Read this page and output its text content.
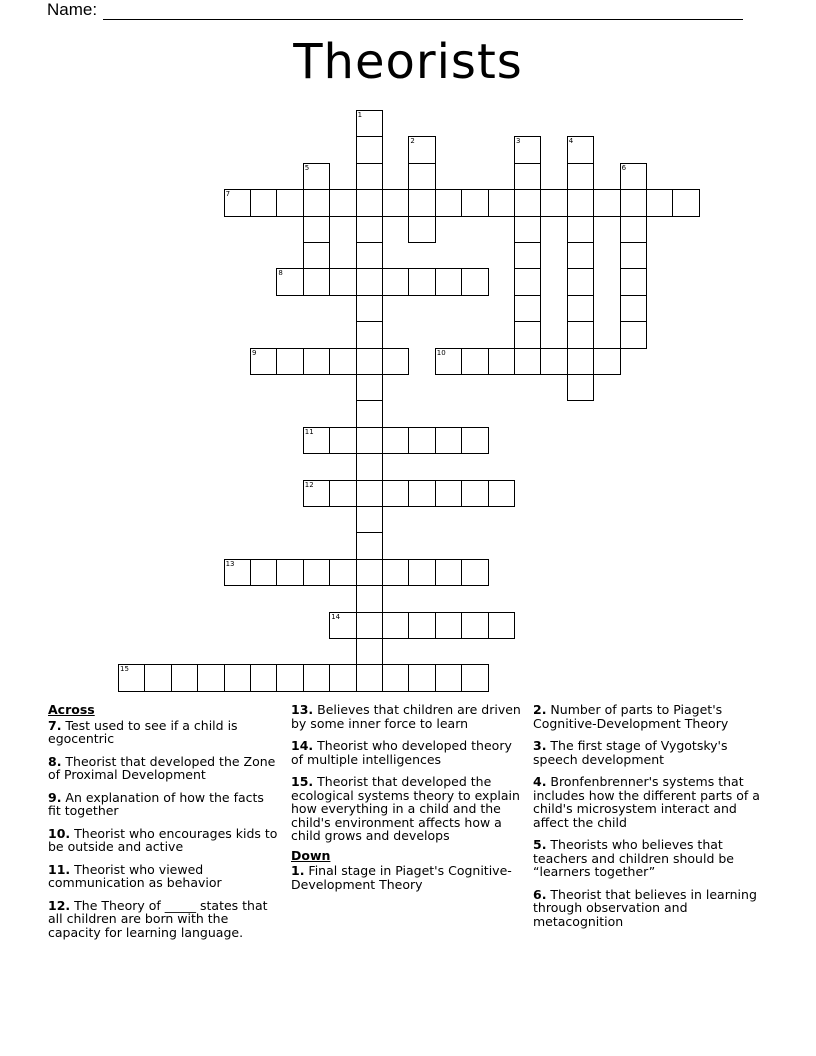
Name:
Theorists
1
2	3	4
5	6
7
8
9	10
11
12
13
14
15
Across
7. Test used to see if a child is egocentric
8. Theorist that developed the Zone of Proximal Development
9. An explanation of how the facts fit together
10. Theorist who encourages kids to be outside and active
11. Theorist who viewed communication as behavior
12. The Theory of _____ states that all children are born with the capacity for learning language.
13. Believes that children are driven by some inner force to learn
14. Theorist who developed theory of multiple intelligences
15. Theorist that developed the ecological systems theory to explain how everything in a child and the child's environment affects how a child grows and develops
Down
1. Final stage in Piaget's Cognitive-Development Theory
2. Number of parts to Piaget's Cognitive-Development Theory
3. The first stage of Vygotsky's speech development
4. Bronfenbrenner's systems that includes how the different parts of a child's microsystem interact and affect the child
5. Theorists who believes that teachers and children should be “learners together”
6. Theorist that believes in learning through observation and metacognition
